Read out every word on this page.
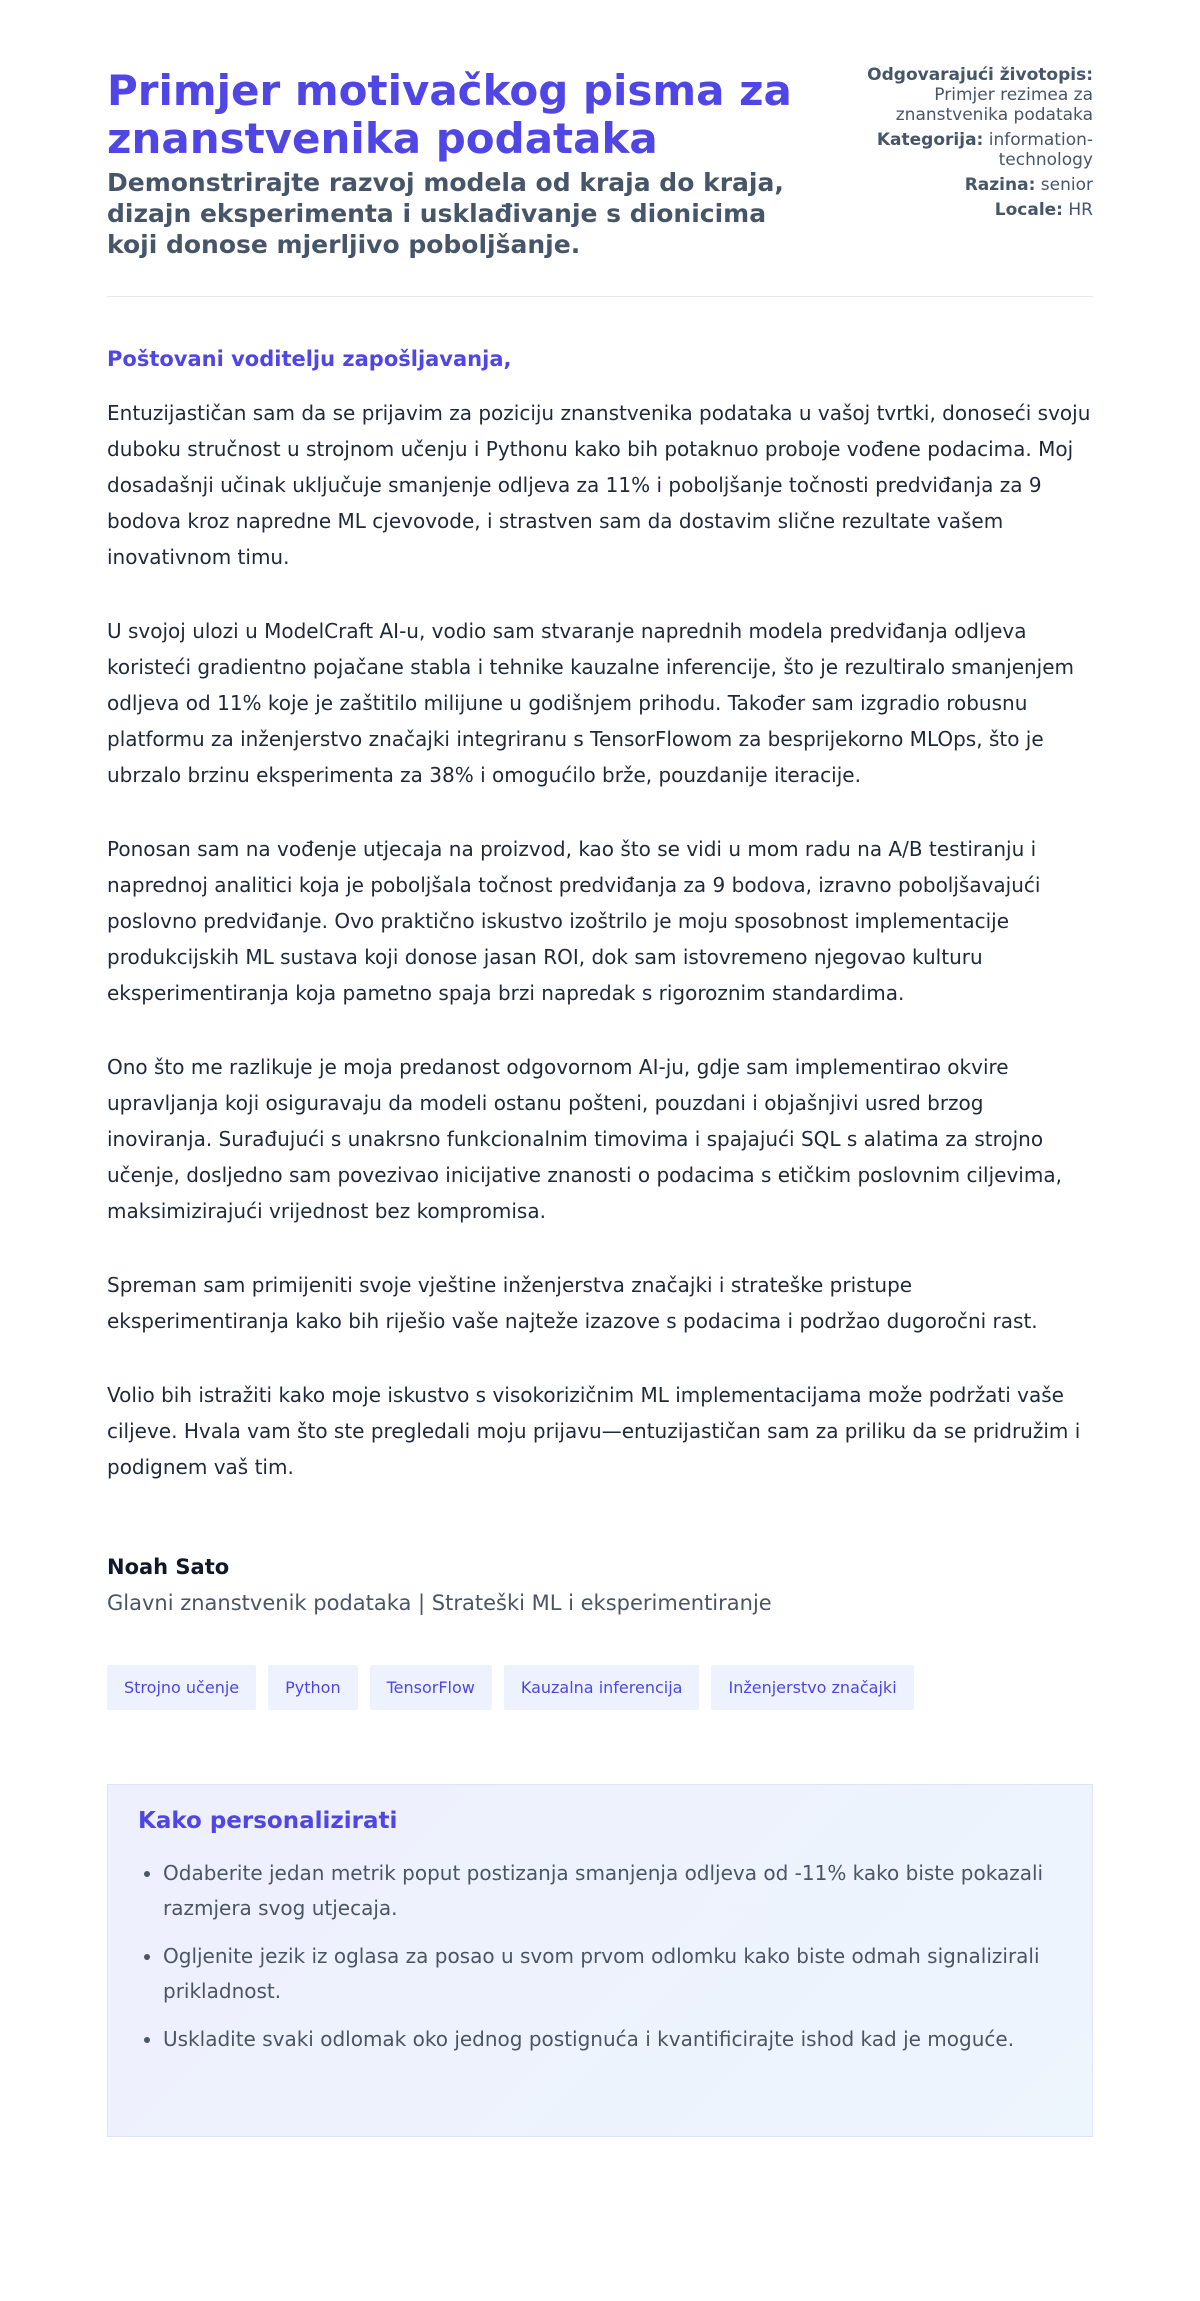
Primjer motivačkog pisma za znanstvenika podataka
Demonstrirajte razvoj modela od kraja do kraja, dizajn eksperimenta i usklađivanje s dionicima koji donose mjerljivo poboljšanje.
Odgovarajući životopis: Primjer rezimea za znanstvenika podataka
Kategorija: information-technology
Razina: senior
Locale: HR

Poštovani voditelju zapošljavanja,

Entuzijastičan sam da se prijavim za poziciju znanstvenika podataka u vašoj tvrtki, donoseći svoju duboku stručnost u strojnom učenju i Pythonu kako bih potaknuo proboje vođene podacima. Moj dosadašnji učinak uključuje smanjenje odljeva za 11% i poboljšanje točnosti predviđanja za 9 bodova kroz napredne ML cjevovode, i strastven sam da dostavim slične rezultate vašem inovativnom timu.

U svojoj ulozi u ModelCraft AI-u, vodio sam stvaranje naprednih modela predviđanja odljeva koristeći gradientno pojačane stabla i tehnike kauzalne inferencije, što je rezultiralo smanjenjem odljeva od 11% koje je zaštitilo milijune u godišnjem prihodu. Također sam izgradio robusnu platformu za inženjerstvo značajki integriranu s TensorFlowom za besprijekorno MLOps, što je ubrzalo brzinu eksperimenta za 38% i omogućilo brže, pouzdanije iteracije.

Ponosan sam na vođenje utjecaja na proizvod, kao što se vidi u mom radu na A/B testiranju i naprednoj analitici koja je poboljšala točnost predviđanja za 9 bodova, izravno poboljšavajući poslovno predviđanje. Ovo praktično iskustvo izoštrilo je moju sposobnost implementacije produkcijskih ML sustava koji donose jasan ROI, dok sam istovremeno njegovao kulturu eksperimentiranja koja pametno spaja brzi napredak s rigoroznim standardima.

Ono što me razlikuje je moja predanost odgovornom AI-ju, gdje sam implementirao okvire upravljanja koji osiguravaju da modeli ostanu pošteni, pouzdani i objašnjivi usred brzog inoviranja. Surađujući s unakrsno funkcionalnim timovima i spajajući SQL s alatima za strojno učenje, dosljedno sam povezivao inicijative znanosti o podacima s etičkim poslovnim ciljevima, maksimizirajući vrijednost bez kompromisa.

Spreman sam primijeniti svoje vještine inženjerstva značajki i strateške pristupe eksperimentiranja kako bih riješio vaše najteže izazove s podacima i podržao dugoročni rast.

Volio bih istražiti kako moje iskustvo s visokorizičnim ML implementacijama može podržati vaše ciljeve. Hvala vam što ste pregledali moju prijavu—entuzijastičan sam za priliku da se pridružim i podignem vaš tim.

Noah Sato
Glavni znanstvenik podataka | Strateški ML i eksperimentiranje
Strojno učenje	Python	TensorFlow	Kauzalna inferencija	Inženjerstvo značajki
Kako personalizirati
• Odaberite jedan metrik poput postizanja smanjenja odljeva od -11% kako biste pokazali razmjera svog utjecaja.
• Ogljenite jezik iz oglasa za posao u svom prvom odlomku kako biste odmah signalizirali prikladnost.
• Uskladite svaki odlomak oko jednog postignuća i kvantificirajte ishod kad je moguće.
